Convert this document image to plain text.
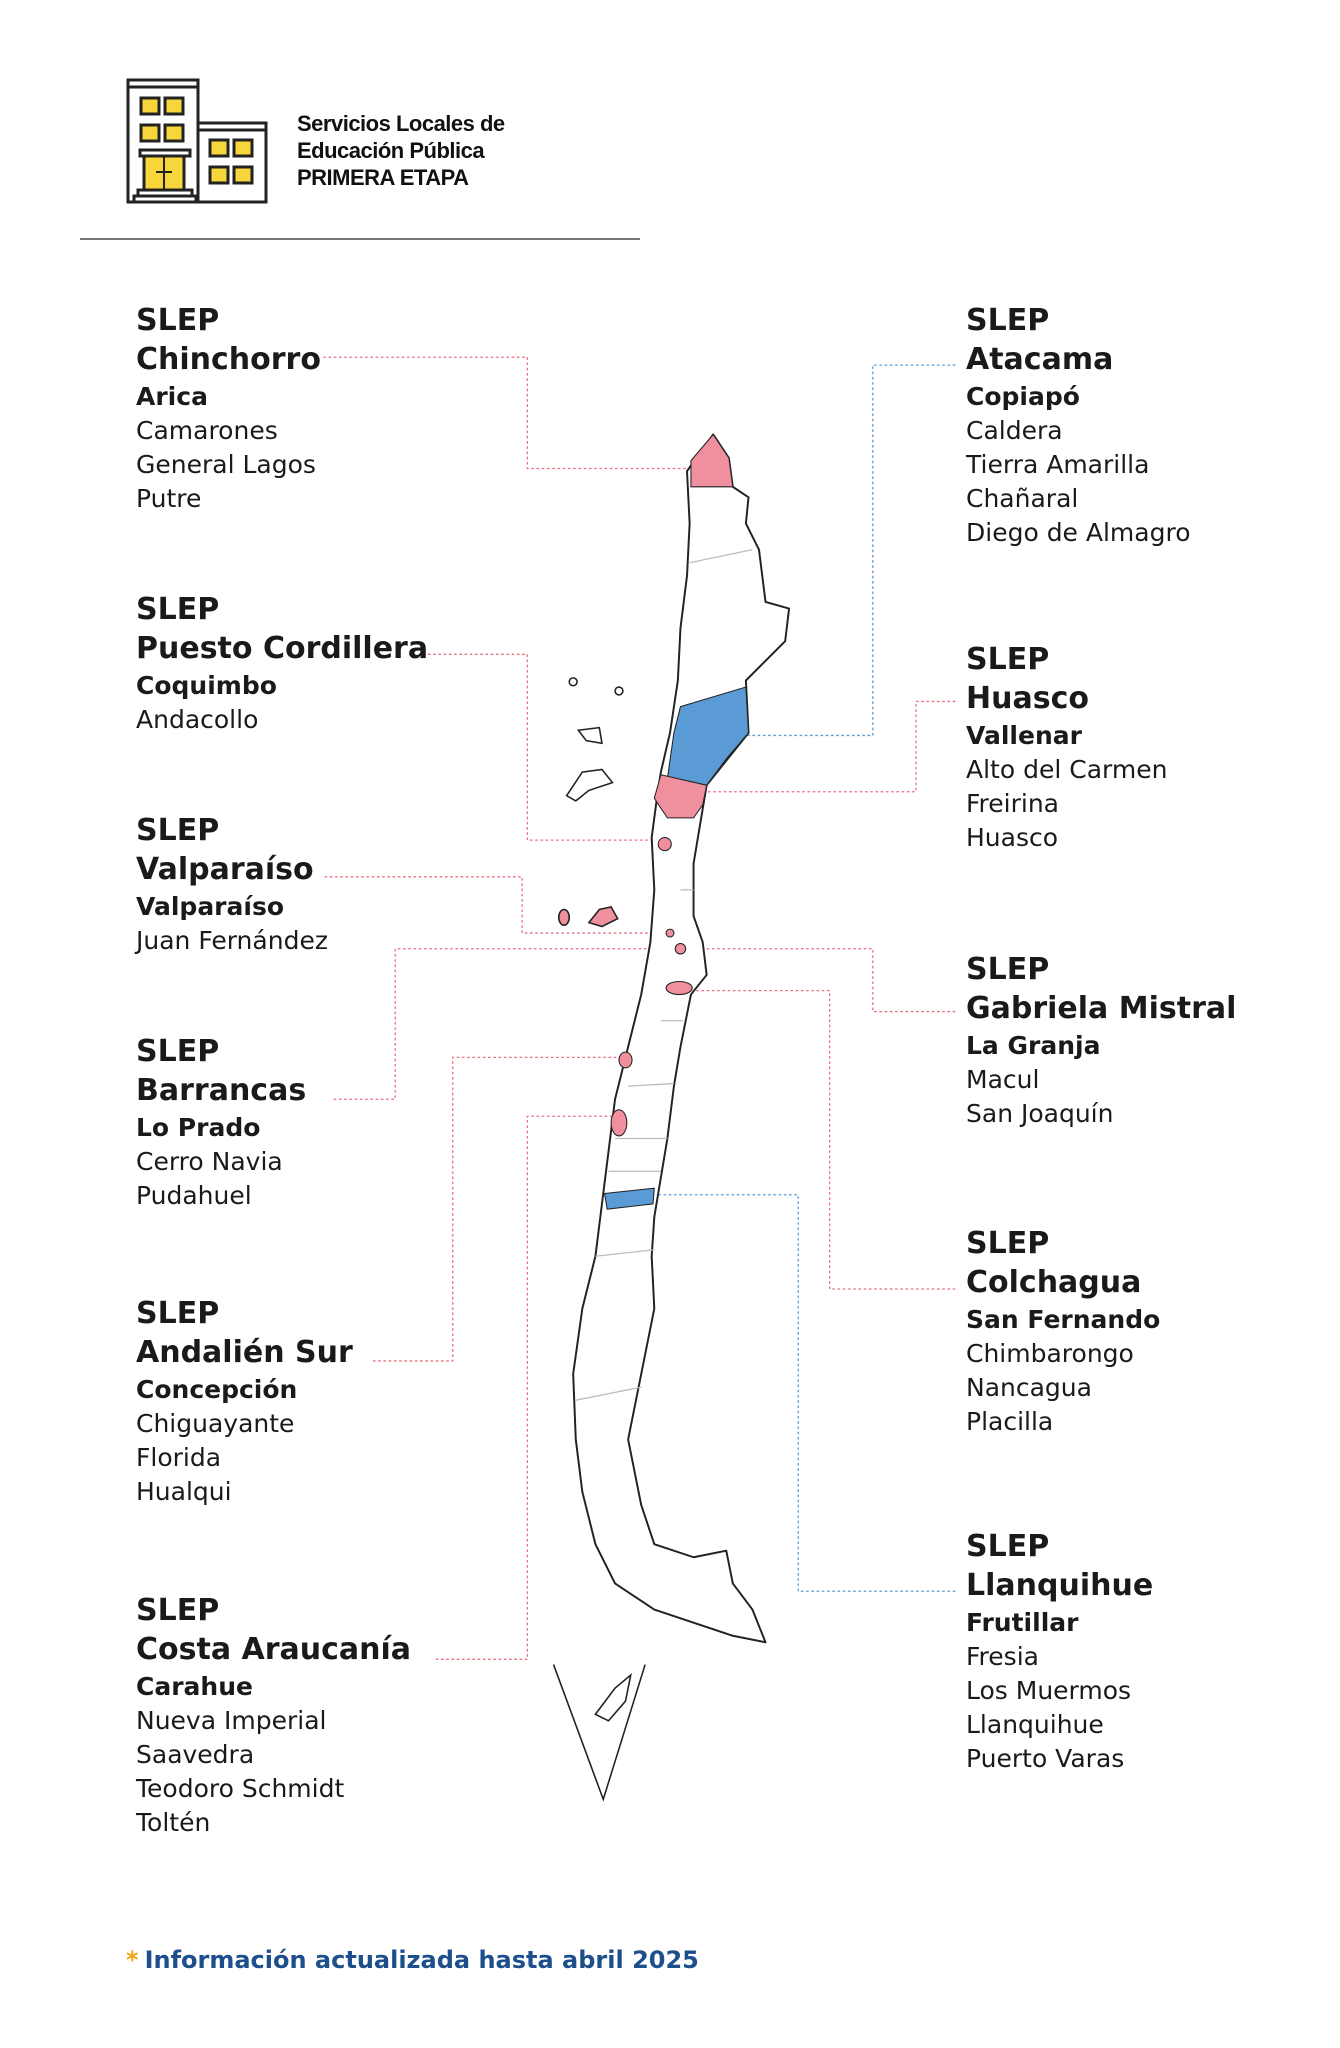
Servicios Locales de
Educación Pública
PRIMERA ETAPA
SLEP
Chinchorro
Arica
Camarones
General Lagos
Putre
SLEP
Puesto Cordillera
Coquimbo
Andacollo
SLEP
Valparaíso
Valparaíso
Juan Fernández
SLEP
Barrancas
Lo Prado
Cerro Navia
Pudahuel
SLEP
Andalién Sur
Concepción
Chiguayante
Florida
Hualqui
SLEP
Costa Araucanía
Carahue
Nueva Imperial
Saavedra
Teodoro Schmidt
Toltén
SLEP
Atacama
Copiapó
Caldera
Tierra Amarilla
Chañaral
Diego de Almagro
SLEP
Huasco
Vallenar
Alto del Carmen
Freirina
Huasco
SLEP
Gabriela Mistral
La Granja
Macul
San Joaquín
SLEP
Colchagua
San Fernando
Chimbarongo
Nancagua
Placilla
SLEP
Llanquihue
Frutillar
Fresia
Los Muermos
Llanquihue
Puerto Varas
* Información actualizada hasta abril 2025
